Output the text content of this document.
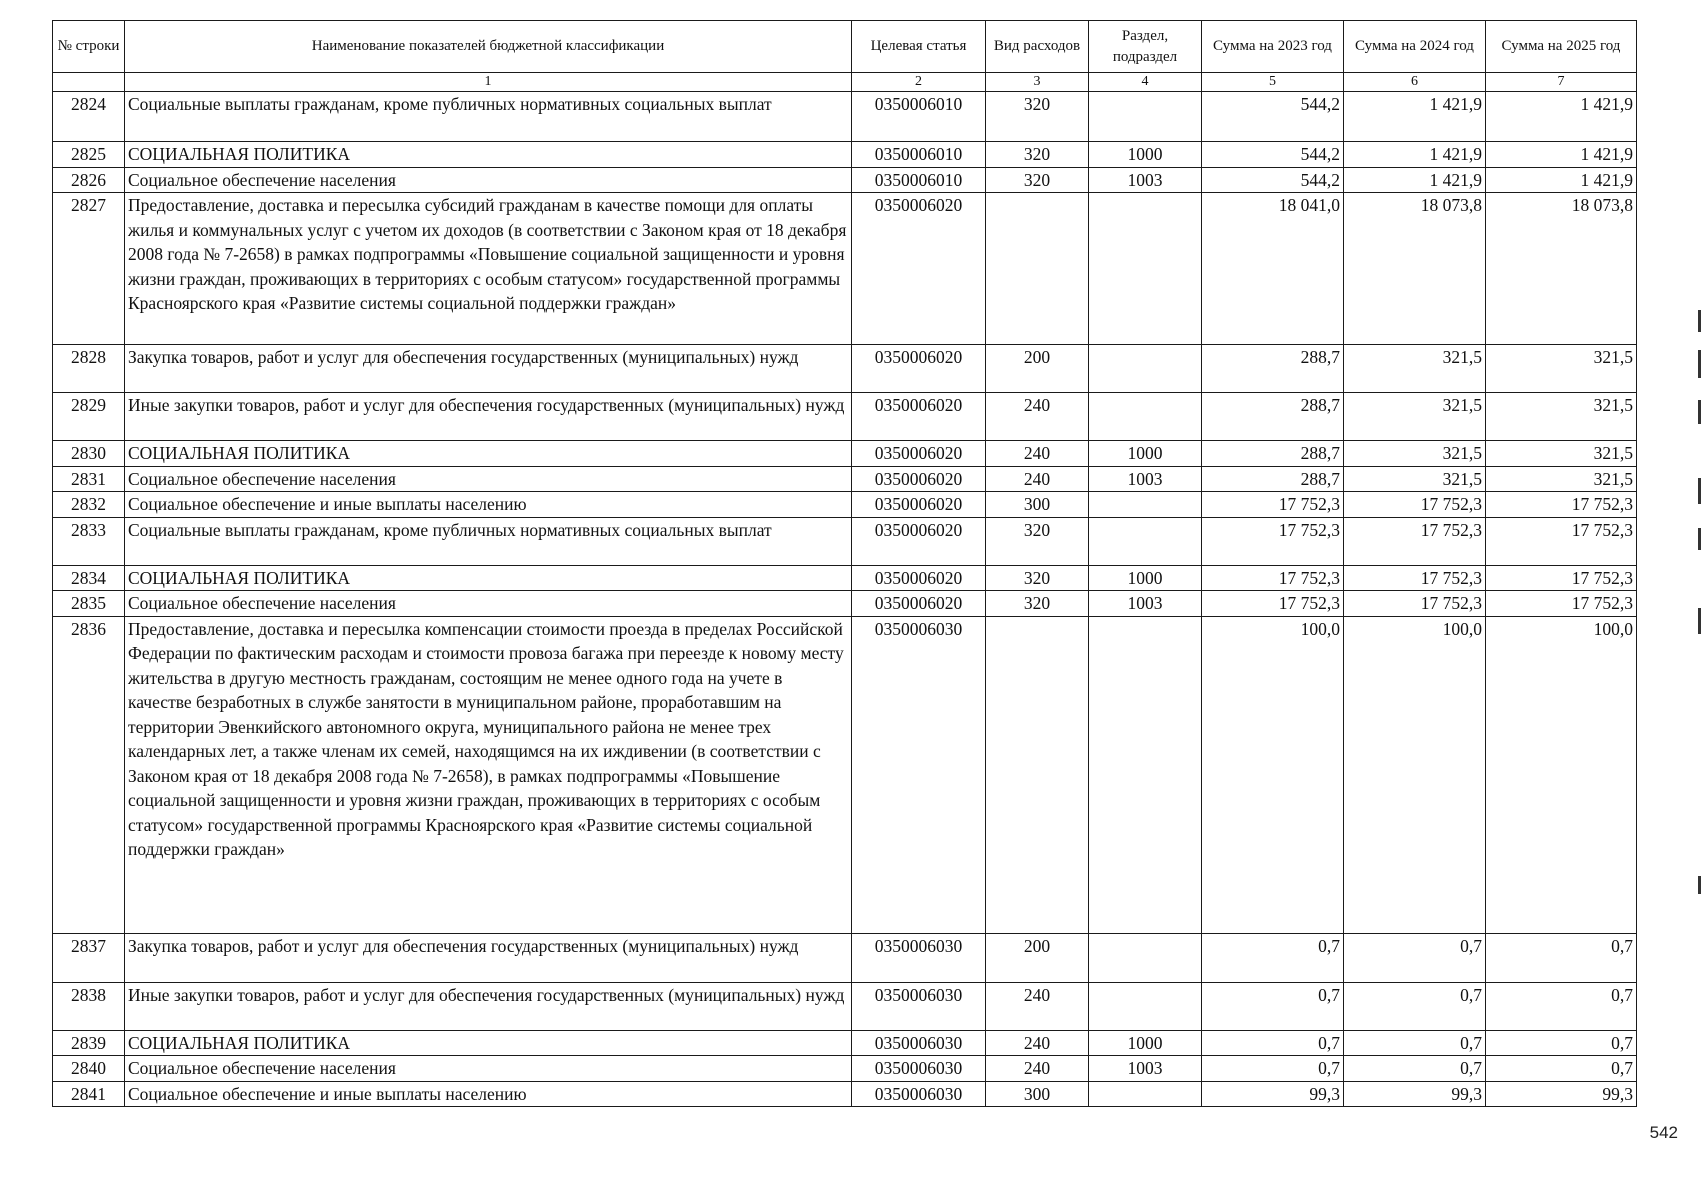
№ строки	Наименование показателей бюджетной классификации	Целевая статья	Вид расходов	Раздел, подраздел	Сумма на 2023 год	Сумма на 2024 год	Сумма на 2025 год
	1	2	3	4	5	6	7
2824	Социальные выплаты гражданам, кроме публичных нормативных социальных выплат	0350006010	320		544,2	1 421,9	1 421,9
2825	СОЦИАЛЬНАЯ ПОЛИТИКА	0350006010	320	1000	544,2	1 421,9	1 421,9
2826	Социальное обеспечение населения	0350006010	320	1003	544,2	1 421,9	1 421,9
2827	Предоставление, доставка и пересылка субсидий гражданам в качестве помощи для оплаты жилья и коммунальных услуг с учетом их доходов (в соответствии с Законом края от 18 декабря 2008 года № 7-2658) в рамках подпрограммы «Повышение социальной защищенности и уровня жизни граждан, проживающих в территориях с особым статусом» государственной программы Красноярского края «Развитие системы социальной поддержки граждан»	0350006020			18 041,0	18 073,8	18 073,8
2828	Закупка товаров, работ и услуг для обеспечения государственных (муниципальных) нужд	0350006020	200		288,7	321,5	321,5
2829	Иные закупки товаров, работ и услуг для обеспечения государственных (муниципальных) нужд	0350006020	240		288,7	321,5	321,5
2830	СОЦИАЛЬНАЯ ПОЛИТИКА	0350006020	240	1000	288,7	321,5	321,5
2831	Социальное обеспечение населения	0350006020	240	1003	288,7	321,5	321,5
2832	Социальное обеспечение и иные выплаты населению	0350006020	300		17 752,3	17 752,3	17 752,3
2833	Социальные выплаты гражданам, кроме публичных нормативных социальных выплат	0350006020	320		17 752,3	17 752,3	17 752,3
2834	СОЦИАЛЬНАЯ ПОЛИТИКА	0350006020	320	1000	17 752,3	17 752,3	17 752,3
2835	Социальное обеспечение населения	0350006020	320	1003	17 752,3	17 752,3	17 752,3
2836	Предоставление, доставка и пересылка компенсации стоимости проезда в пределах Российской Федерации по фактическим расходам и стоимости провоза багажа при переезде к новому месту жительства в другую местность гражданам, состоящим не менее одного года на учете в качестве безработных в службе занятости в муниципальном районе, проработавшим на территории Эвенкийского автономного округа, муниципального района не менее трех календарных лет, а также членам их семей, находящимся на их иждивении (в соответствии с Законом края от 18 декабря 2008 года № 7-2658), в рамках подпрограммы «Повышение социальной защищенности и уровня жизни граждан, проживающих в территориях с особым статусом» государственной программы Красноярского края «Развитие системы социальной поддержки граждан»	0350006030			100,0	100,0	100,0
2837	Закупка товаров, работ и услуг для обеспечения государственных (муниципальных) нужд	0350006030	200		0,7	0,7	0,7
2838	Иные закупки товаров, работ и услуг для обеспечения государственных (муниципальных) нужд	0350006030	240		0,7	0,7	0,7
2839	СОЦИАЛЬНАЯ ПОЛИТИКА	0350006030	240	1000	0,7	0,7	0,7
2840	Социальное обеспечение населения	0350006030	240	1003	0,7	0,7	0,7
2841	Социальное обеспечение и иные выплаты населению	0350006030	300		99,3	99,3	99,3
542
